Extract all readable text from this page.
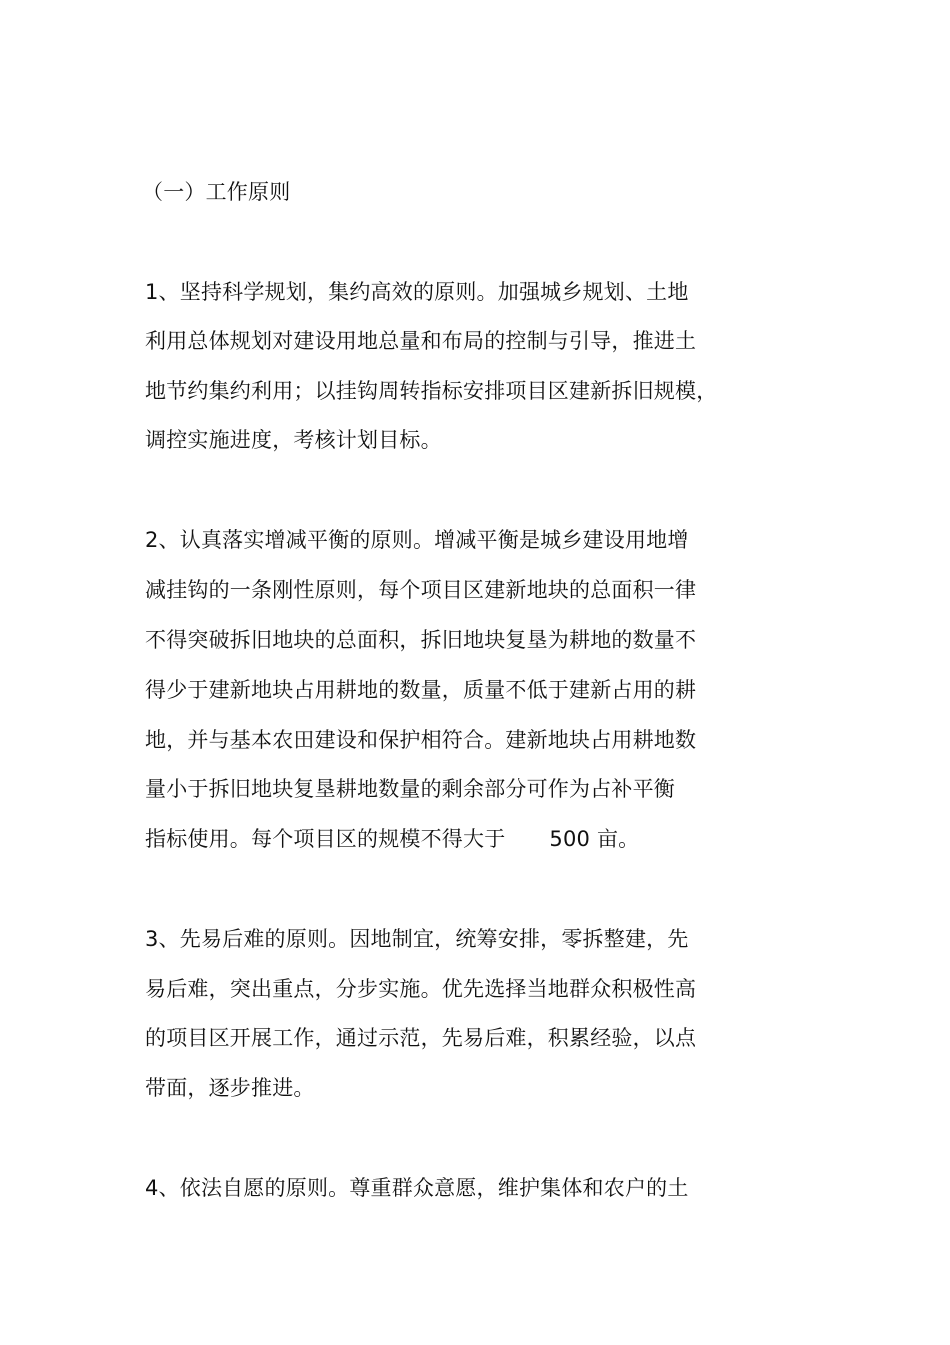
（一）工作原则
1、坚持科学规划，集约高效的原则。加强城乡规划、土地
利用总体规划对建设用地总量和布局的控制与引导，推进土
地节约集约利用；以挂钩周转指标安排项目区建新拆旧规模，
调控实施进度，考核计划目标。
2、认真落实增减平衡的原则。增减平衡是城乡建设用地增
减挂钩的一条刚性原则，每个项目区建新地块的总面积一律
不得突破拆旧地块的总面积，拆旧地块复垦为耕地的数量不
得少于建新地块占用耕地的数量，质量不低于建新占用的耕
地，并与基本农田建设和保护相符合。建新地块占用耕地数
量小于拆旧地块复垦耕地数量的剩余部分可作为占补平衡
指标使用。每个项目区的规模不得大于 500 亩。
3、先易后难的原则。因地制宜，统筹安排，零拆整建，先
易后难，突出重点，分步实施。优先选择当地群众积极性高
的项目区开展工作，通过示范，先易后难，积累经验，以点
带面，逐步推进。
4、依法自愿的原则。尊重群众意愿，维护集体和农户的土
